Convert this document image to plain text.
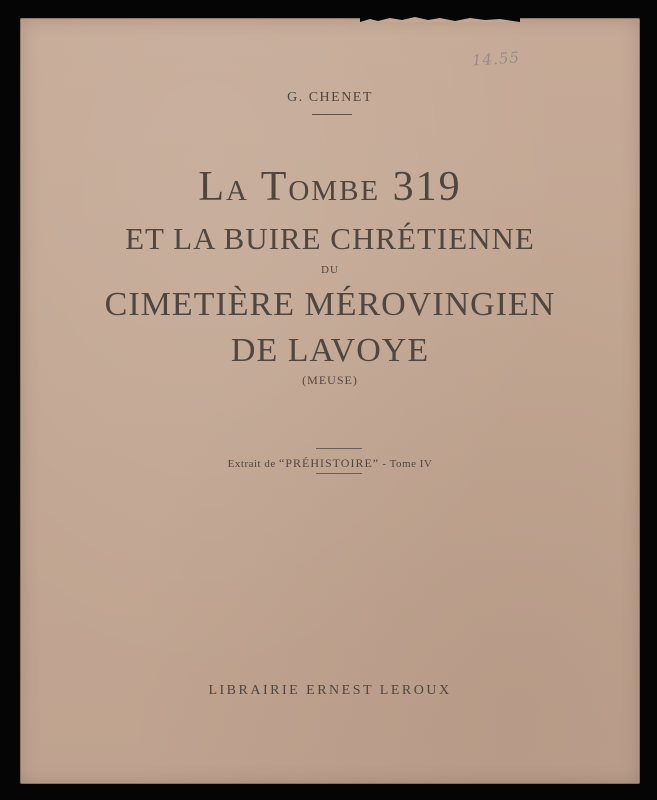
14.55
G. CHENET
La Tombe 319
ET LA BUIRE CHRÉTIENNE
DU
CIMETIÈRE MÉROVINGIEN
DE LAVOYE
(MEUSE)
Extrait de “PRÉHISTOIRE” - Tome IV
LIBRAIRIE ERNEST LEROUX
